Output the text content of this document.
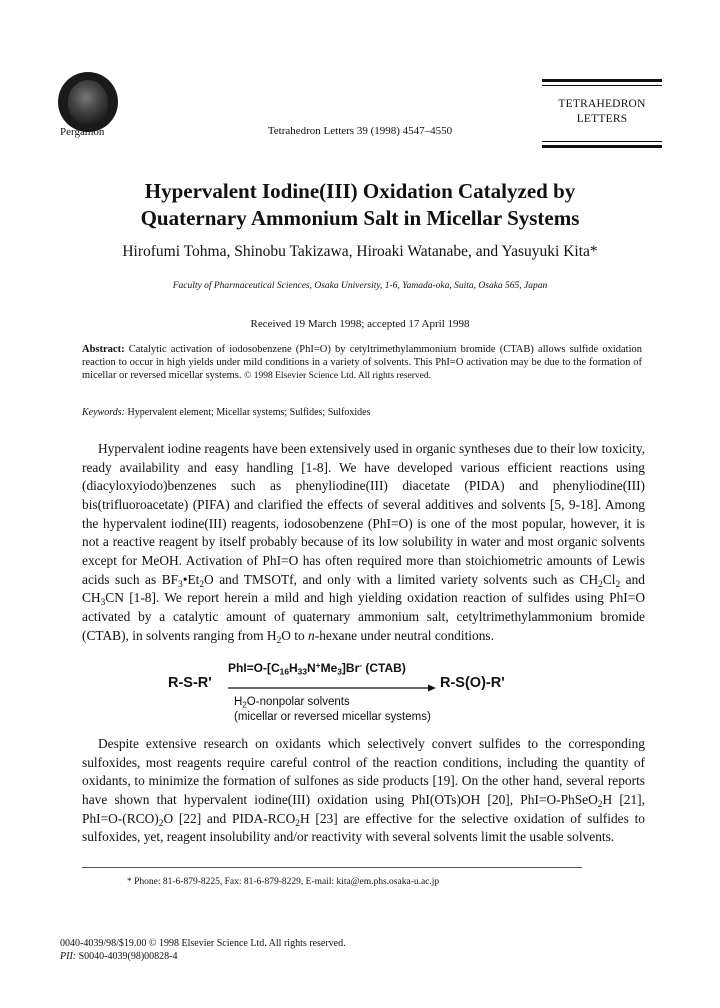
Pergamon	Tetrahedron Letters 39 (1998) 4547–4550
TETRAHEDRON
LETTERS
Hypervalent Iodine(III) Oxidation Catalyzed by
Quaternary Ammonium Salt in Micellar Systems
Hirofumi Tohma, Shinobu Takizawa, Hiroaki Watanabe, and Yasuyuki Kita*
Faculty of Pharmaceutical Sciences, Osaka University, 1-6, Yamada-oka, Suita, Osaka 565, Japan
Received 19 March 1998; accepted 17 April 1998
Abstract: Catalytic activation of iodosobenzene (PhI=O) by cetyltrimethylammonium bromide (CTAB) allows sulfide oxidation reaction to occur in high yields under mild conditions in a variety of solvents. This PhI=O activation may be due to the formation of micellar or reversed micellar systems. © 1998 Elsevier Science Ltd. All rights reserved.
Keywords: Hypervalent element; Micellar systems; Sulfides; Sulfoxides
Hypervalent iodine reagents have been extensively used in organic syntheses due to their low toxicity, ready availability and easy handling [1-8]. We have developed various efficient reactions using (diacyloxyiodo)benzenes such as phenyliodine(III) diacetate (PIDA) and phenyliodine(III) bis(trifluoroacetate) (PIFA) and clarified the effects of several additives and solvents [5, 9-18]. Among the hypervalent iodine(III) reagents, iodosobenzene (PhI=O) is one of the most popular, however, it is not a reactive reagent by itself probably because of its low solubility in water and most organic solvents except for MeOH. Activation of PhI=O has often required more than stoichiometric amounts of Lewis acids such as $BF_3•Et_2O$ and TMSOTf, and only with a limited variety solvents such as $CH_2Cl_2$ and $CH_3CN$ [1-8]. We report herein a mild and high yielding oxidation reaction of sulfides using PhI=O activated by a catalytic amount of quaternary ammonium salt, cetyltrimethylammonium bromide (CTAB), in solvents ranging from $H_2O$ to n-hexane under neutral conditions.
$PhI=O-[C_{16}H_{33}N^+Me_3]Br^-$ (CTAB)
R-S-R'	R-S(O)-R'
$H_2O$-nonpolar solvents
(micellar or reversed micellar systems)
Despite extensive research on oxidants which selectively convert sulfides to the corresponding sulfoxides, most reagents require careful control of the reaction conditions, including the quantity of oxidants, to minimize the formation of sulfones as side products [19]. On the other hand, several reports have shown that hypervalent iodine(III) oxidation using PhI(OTs)OH [20], PhI=O-PhSeO$_2$H [21], $PhI=O-(RCO)_2O$ [22] and PIDA-$RCO_2H$ [23] are effective for the selective oxidation of sulfides to sulfoxides, yet, reagent insolubility and/or reactivity with several solvents limit the usable solvents.
* Phone: 81-6-879-8225, Fax: 81-6-879-8229, E-mail: kita@em.phs.osaka-u.ac.jp
0040-4039/98/$19.00 © 1998 Elsevier Science Ltd. All rights reserved.
PII: S0040-4039(98)00828-4
